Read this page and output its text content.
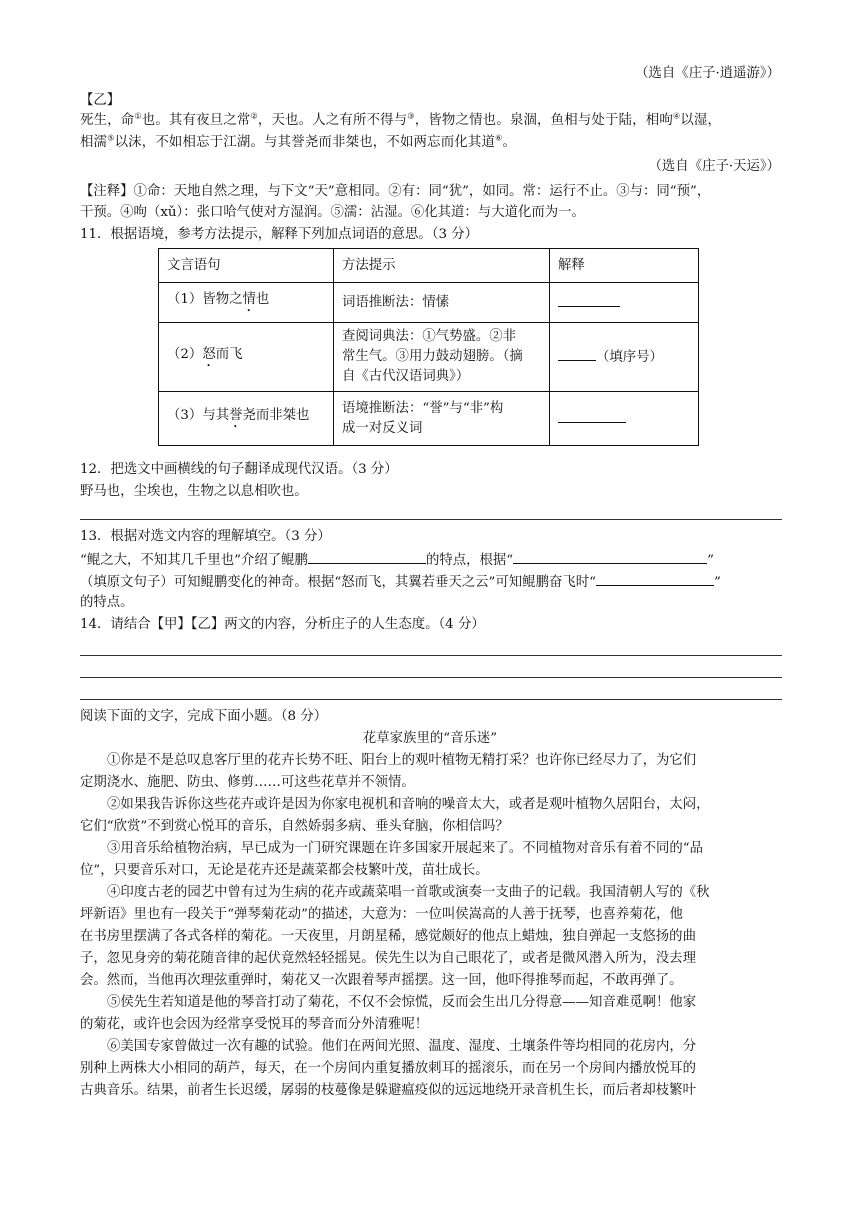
（选自《庄子·逍遥游》）
【乙】
死生，命①也。其有夜旦之常②，天也。人之有所不得与③，皆物之情也。泉涸，鱼相与处于陆，相呴④以湿，
相濡⑤以沫，不如相忘于江湖。与其誉尧而非桀也，不如两忘而化其道⑥。
（选自《庄子·天运》）
【注释】①命：天地自然之理，与下文“天”意相同。②有：同“犹”，如同。常：运行不止。③与：同“预”，
干预。④呴（xǔ）：张口哈气使对方湿润。⑤濡：沾湿。⑥化其道：与大道化而为一。
11．根据语境，参考方法提示，解释下列加点词语的意思。（3 分）
文言语句	方法提示	解释
（1）皆物之情也	词语推断法：情愫	
（2）怒而飞	查阅词典法：①气势盛。②非
常生气。③用力鼓动翅膀。（摘
自《古代汉语词典》）	（填序号）
（3）与其誉尧而非桀也	语境推断法：“誉”与“非”构
成一对反义词	

12．把选文中画横线的句子翻译成现代汉语。（3 分）
野马也，尘埃也，生物之以息相吹也。
13．根据对选文内容的理解填空。（3 分）
“鲲之大，不知其几千里也”介绍了鲲鹏	的特点，根据“	”
（填原文句子）可知鲲鹏变化的神奇。根据“怒而飞，其翼若垂天之云”可知鲲鹏奋飞时“	”
的特点。
14．请结合【甲】【乙】两文的内容，分析庄子的人生态度。（4 分）
阅读下面的文字，完成下面小题。（8 分）
花草家族里的“音乐迷”
①你是不是总叹息客厅里的花卉长势不旺、阳台上的观叶植物无精打采？也许你已经尽力了，为它们
定期浇水、施肥、防虫、修剪……可这些花草并不领情。
②如果我告诉你这些花卉或许是因为你家电视机和音响的噪音太大，或者是观叶植物久居阳台，太闷，
它们“欣赏”不到赏心悦耳的音乐，自然娇弱多病、垂头耷脑，你相信吗？
③用音乐给植物治病，早已成为一门研究课题在许多国家开展起来了。不同植物对音乐有着不同的“品
位”，只要音乐对口，无论是花卉还是蔬菜都会枝繁叶茂，苗壮成长。
④印度古老的园艺中曾有过为生病的花卉或蔬菜唱一首歌或演奏一支曲子的记载。我国清朝人写的《秋
坪新语》里也有一段关于“弹琴菊花动”的描述，大意为：一位叫侯嵩高的人善于抚琴，也喜养菊花，他
在书房里摆满了各式各样的菊花。一天夜里，月朗星稀，感觉颇好的他点上蜡烛，独自弹起一支悠扬的曲
子，忽见身旁的菊花随音律的起伏竟然轻轻摇晃。侯先生以为自己眼花了，或者是微风潜入所为，没去理
会。然而，当他再次理弦重弹时，菊花又一次跟着琴声摇摆。这一回，他吓得推琴而起，不敢再弹了。
⑤侯先生若知道是他的琴音打动了菊花，不仅不会惊慌，反而会生出几分得意——知音难觅啊！他家
的菊花，或许也会因为经常享受悦耳的琴音而分外清雅呢！
⑥美国专家曾做过一次有趣的试验。他们在两间光照、温度、湿度、土壤条件等均相同的花房内，分
别种上两株大小相同的葫芦，每天，在一个房间内重复播放刺耳的摇滚乐，而在另一个房间内播放悦耳的
古典音乐。结果，前者生长迟缓，孱弱的枝蔓像是躲避瘟疫似的远远地绕开录音机生长，而后者却枝繁叶
